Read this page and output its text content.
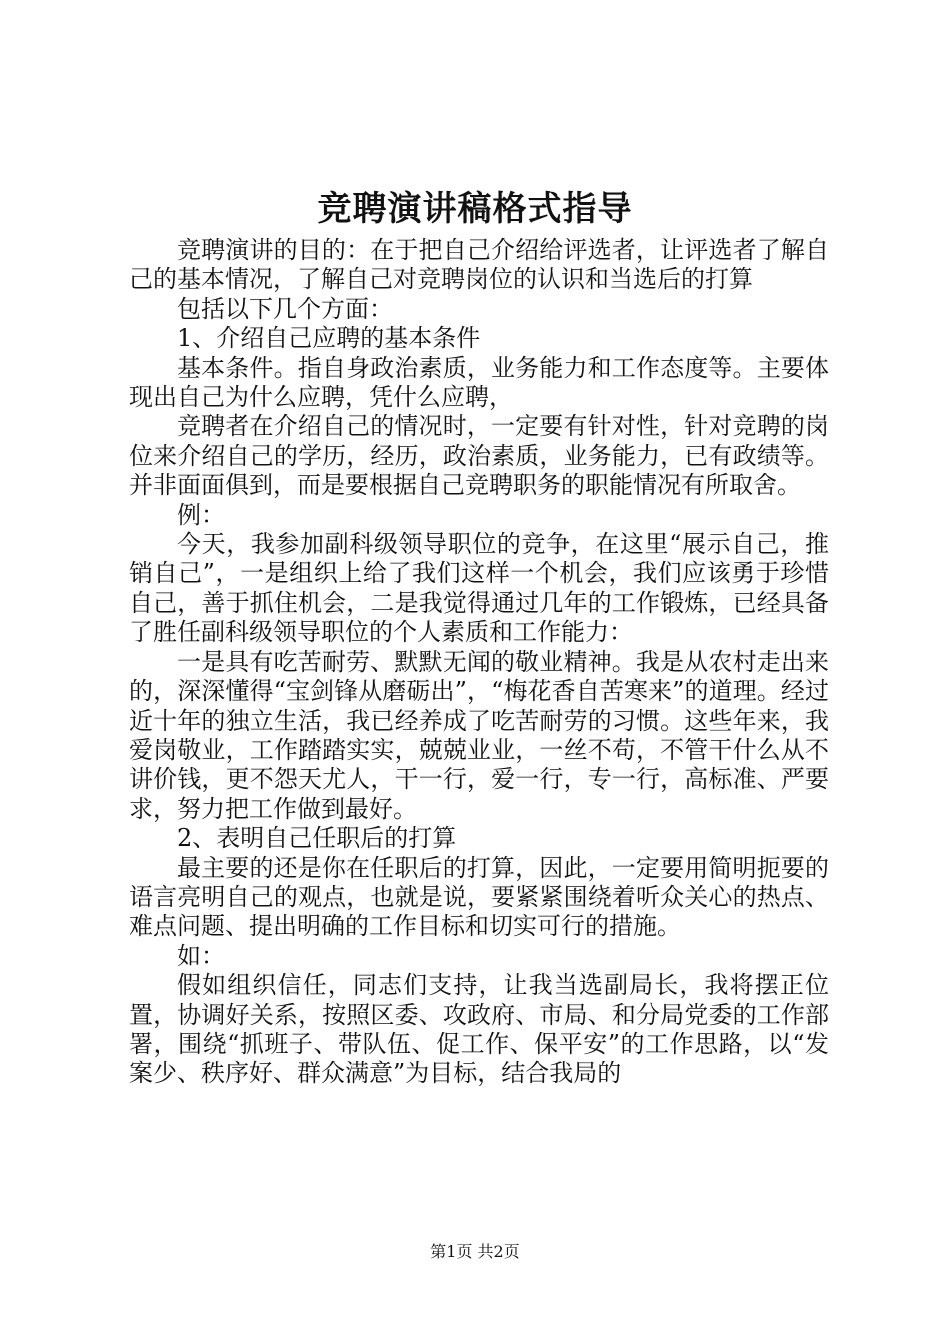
竞聘演讲稿格式指导

竞聘演讲的目的：在于把自己介绍给评选者，让评选者了解自己的基本情况，了解自己对竞聘岗位的认识和当选后的打算

包括以下几个方面：

1、介绍自己应聘的基本条件

基本条件。指自身政治素质，业务能力和工作态度等。主要体现出自己为什么应聘，凭什么应聘，

竞聘者在介绍自己的情况时，一定要有针对性，针对竞聘的岗位来介绍自己的学历，经历，政治素质，业务能力，已有政绩等。并非面面俱到，而是要根据自己竞聘职务的职能情况有所取舍。

例：

今天，我参加副科级领导职位的竞争，在这里“展示自己，推销自己”，一是组织上给了我们这样一个机会，我们应该勇于珍惜自己，善于抓住机会，二是我觉得通过几年的工作锻炼，已经具备了胜任副科级领导职位的个人素质和工作能力：

一是具有吃苦耐劳、默默无闻的敬业精神。我是从农村走出来的，深深懂得“宝剑锋从磨砺出”，“梅花香自苦寒来”的道理。经过近十年的独立生活，我已经养成了吃苦耐劳的习惯。这些年来，我爱岗敬业，工作踏踏实实，兢兢业业，一丝不苟，不管干什么从不讲价钱，更不怨天尤人，干一行，爱一行，专一行，高标准、严要求，努力把工作做到最好。

2、表明自己任职后的打算

最主要的还是你在任职后的打算，因此，一定要用简明扼要的语言亮明自己的观点，也就是说，要紧紧围绕着听众关心的热点、难点问题、提出明确的工作目标和切实可行的措施。

如：

假如组织信任，同志们支持，让我当选副局长，我将摆正位置，协调好关系，按照区委、攻政府、市局、和分局党委的工作部署，围绕“抓班子、带队伍、促工作、保平安”的工作思路，以“发案少、秩序好、群众满意”为目标，结合我局的

第1页 共2页
